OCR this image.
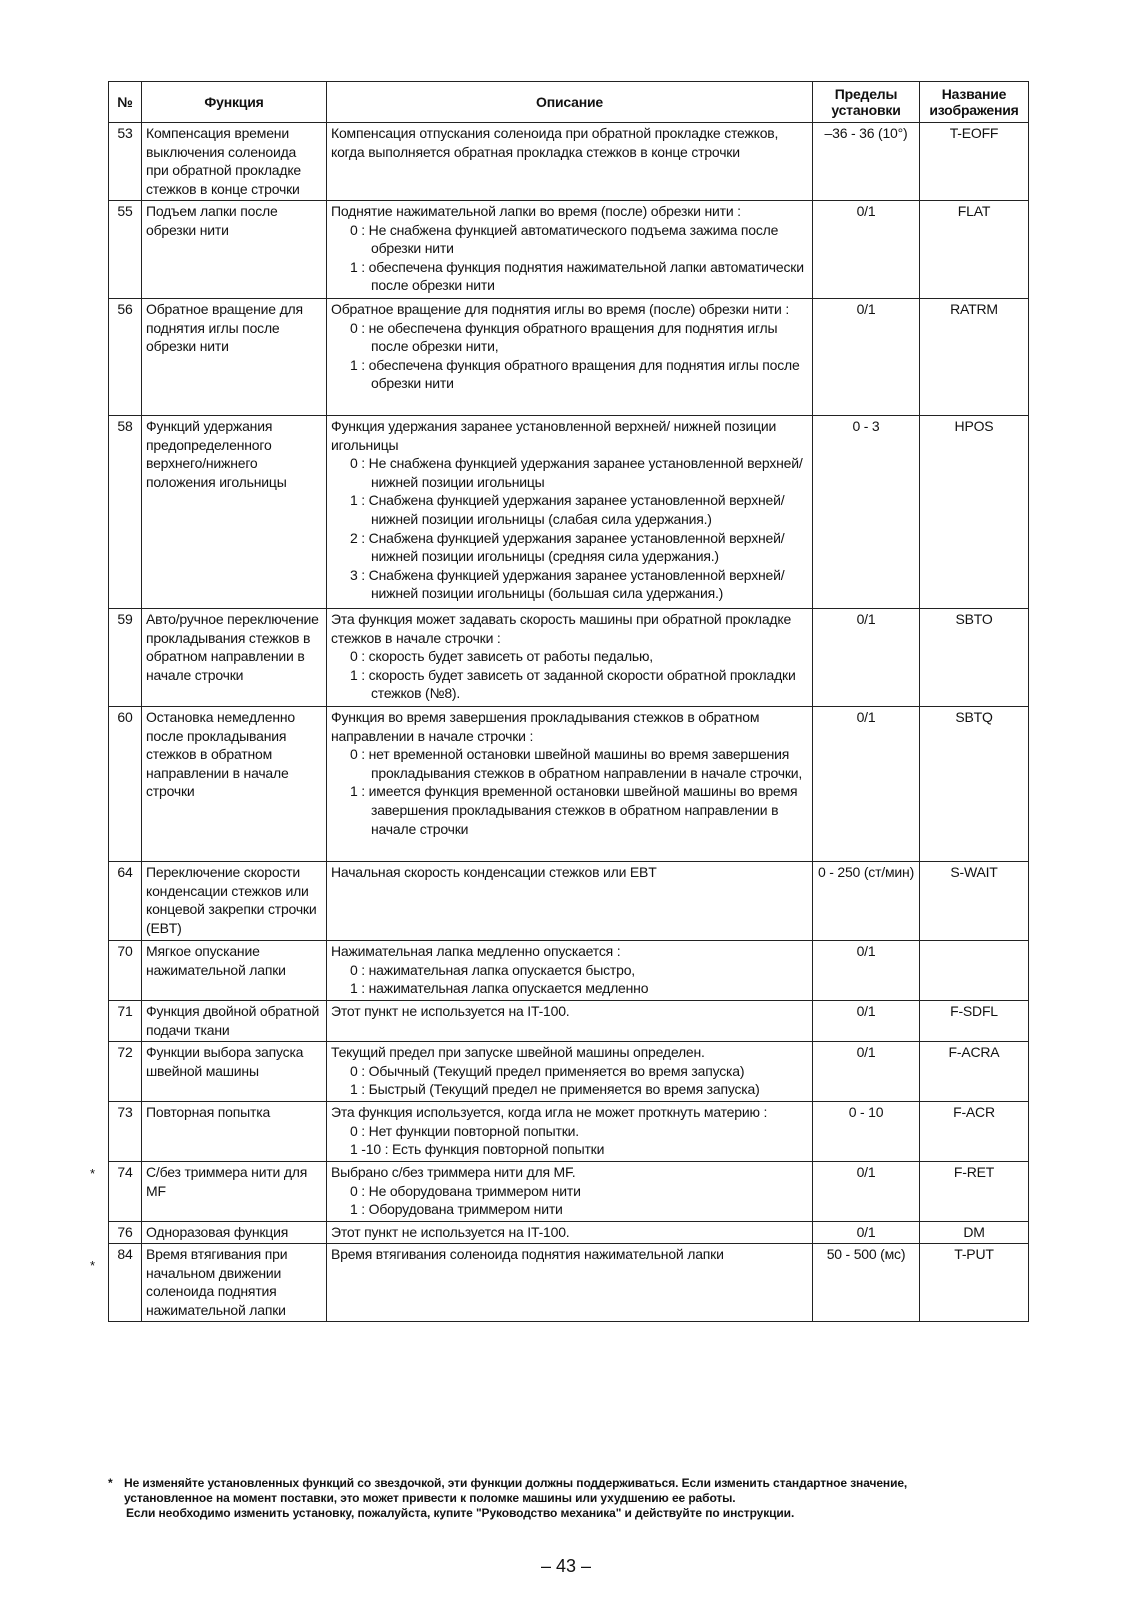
№	Функция	Описание	Пределы установки	Название изображения
53	Компенсация времени выключения соленоида при обратной прокладке стежков в конце строчки	Компенсация отпускания соленоида при обратной прокладке стежков, когда выполняется обратная прокладка стежков в конце строчки	–36 - 36 (10°)	T-EOFF
55	Подъем лапки после обрезки нити	Поднятие нажимательной лапки во время (после) обрезки нити :
0 : Не снабжена функцией автоматического подъема зажима после обрезки нити
1 : обеспечена функция поднятия нажимательной лапки автоматически после обрезки нити	0/1	FLAT
56	Обратное вращение для поднятия иглы после обрезки нити	Обратное вращение для поднятия иглы во время (после) обрезки нити :
0 : не обеспечена функция обратного вращения для поднятия иглы после обрезки нити,
1 : обеспечена функция обратного вращения для поднятия иглы после обрезки нити	0/1	RATRM
58	Функций удержания предопределенного верхнего/нижнего положения игольницы	Функция удержания заранее установленной верхней/ нижней позиции игольницы
0 : Не снабжена функцией удержания заранее установленной верхней/ нижней позиции игольницы
1 : Снабжена функцией удержания заранее установленной верхней/ нижней позиции игольницы (слабая сила удержания.)
2 : Снабжена функцией удержания заранее установленной верхней/ нижней позиции игольницы (средняя сила удержания.)
3 : Снабжена функцией удержания заранее установленной верхней/ нижней позиции игольницы (большая сила удержания.)	0 - 3	HPOS
59	Авто/ручное переключение прокладывания стежков в обратном направлении в начале строчки	Эта функция может задавать скорость машины при обратной прокладке стежков в начале строчки :
0 : скорость будет зависеть от работы педалью,
1 : скорость будет зависеть от заданной скорости обратной прокладки стежков (№8).	0/1	SBTO
60	Остановка немедленно после прокладывания стежков в обратном направлении в начале строчки	Функция во время завершения прокладывания стежков в обратном направлении в начале строчки :
0 : нет временной остановки швейной машины во время завершения прокладывания стежков в обратном направлении в начале строчки,
1 : имеется функция временной остановки швейной машины во время завершения прокладывания стежков в обратном направлении в начале строчки	0/1	SBTQ
64	Переключение скорости конденсации стежков или концевой закрепки строчки (EBT)	Начальная скорость конденсации стежков или EBT	0 - 250 (ст/мин)	S-WAIT
70	Мягкое опускание нажимательной лапки	Нажимательная лапка медленно опускается :
0 : нажимательная лапка опускается быстро,
1 : нажимательная лапка опускается медленно	0/1	
71	Функция двойной обратной подачи ткани	Этот пункт не используется на IT-100.	0/1	F-SDFL
72	Функции выбора запуска швейной машины	Текущий предел при запуске швейной машины определен.
0 : Обычный (Текущий предел применяется во время запуска)
1 : Быстрый (Текущий предел не применяется во время запуска)	0/1	F-ACRA
73	Повторная попытка	Эта функция используется, когда игла не может проткнуть материю :
0 : Нет функции повторной попытки.
1 -10 : Есть функция повторной попытки	0 - 10	F-ACR
74	С/без триммера нити для MF	Выбрано с/без триммера нити для MF.
0 : Не оборудована триммером нити
1 : Оборудована триммером нити	0/1	F-RET
76	Одноразовая функция	Этот пункт не используется на IT-100.	0/1	DM
84	Время втягивания при начальном движении соленоида поднятия нажимательной лапки	Время втягивания соленоида поднятия нажимательной лапки	50 - 500 (мс)	T-PUT
*
*
* Не изменяйте установленных функций со звездочкой, эти функции должны поддерживаться. Если изменить стандартное значение,

установленное на момент поставки, это может привести к поломке машины или ухудшению ее работы.

Если необходимо изменить установку, пожалуйста, купите "Руководство механика" и действуйте по инструкции.

– 43 –
